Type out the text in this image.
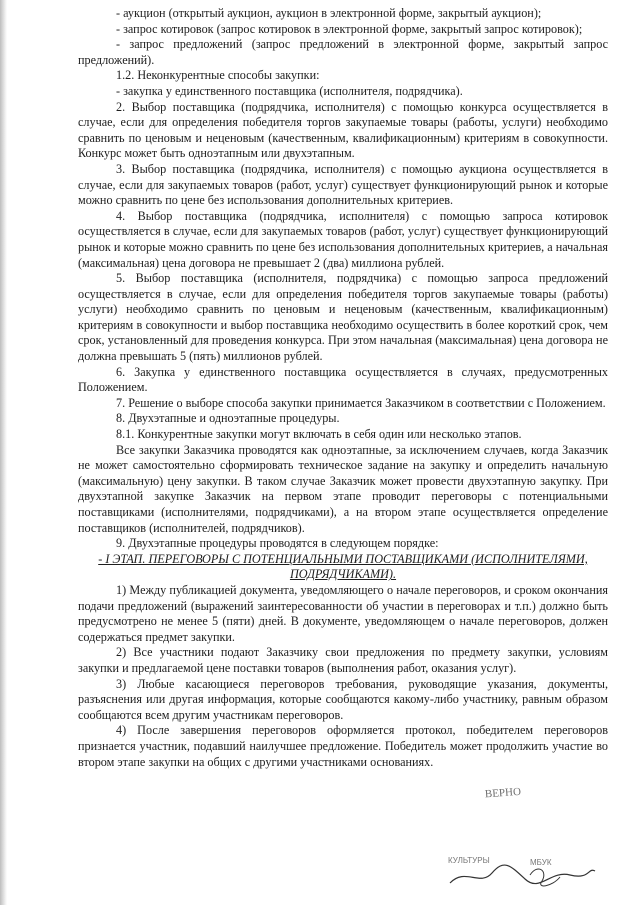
- аукцион (открытый аукцион, аукцион в электронной форме, закрытый аукцион);

- запрос котировок (запрос котировок в электронной форме, закрытый запрос котировок);

- запрос предложений (запрос предложений в электронной форме, закрытый запрос предложений).

1.2. Неконкурентные способы закупки:

- закупка у единственного поставщика (исполнителя, подрядчика).

2. Выбор поставщика (подрядчика, исполнителя) с помощью конкурса осуществляется в случае, если для определения победителя торгов закупаемые товары (работы, услуги) необходимо сравнить по ценовым и неценовым (качественным, квалификационным) критериям в совокупности. Конкурс может быть одноэтапным или двухэтапным.

3. Выбор поставщика (подрядчика, исполнителя) с помощью аукциона осуществляется в случае, если для закупаемых товаров (работ, услуг) существует функционирующий рынок и которые можно сравнить по цене без использования дополнительных критериев.

4. Выбор поставщика (подрядчика, исполнителя) с помощью запроса котировок осуществляется в случае, если для закупаемых товаров (работ, услуг) существует функционирующий рынок и которые можно сравнить по цене без использования дополнительных критериев, а начальная (максимальная) цена договора не превышает 2 (два) миллиона рублей.

5. Выбор поставщика (исполнителя, подрядчика) с помощью запроса предложений осуществляется в случае, если для определения победителя торгов закупаемые товары (работы) услуги) необходимо сравнить по ценовым и неценовым (качественным, квалификационным) критериям в совокупности и выбор поставщика необходимо осуществить в более короткий срок, чем срок, установленный для проведения конкурса. При этом начальная (максимальная) цена договора не должна превышать 5 (пять) миллионов рублей.

6. Закупка у единственного поставщика осуществляется в случаях, предусмотренных Положением.

7. Решение о выборе способа закупки принимается Заказчиком в соответствии с Положением.

8. Двухэтапные и одноэтапные процедуры.

8.1. Конкурентные закупки могут включать в себя один или несколько этапов.

Все закупки Заказчика проводятся как одноэтапные, за исключением случаев, когда Заказчик не может самостоятельно сформировать техническое задание на закупку и определить начальную (максимальную) цену закупки. В таком случае Заказчик может провести двухэтапную закупку. При двухэтапной закупке Заказчик на первом этапе проводит переговоры с потенциальными поставщиками (исполнителями, подрядчиками), а на втором этапе осуществляется определение поставщиков (исполнителей, подрядчиков).

9. Двухэтапные процедуры проводятся в следующем порядке:

- I ЭТАП. ПЕРЕГОВОРЫ С ПОТЕНЦИАЛЬНЫМИ ПОСТАВЩИКАМИ (ИСПОЛНИТЕЛЯМИ, ПОДРЯДЧИКАМИ).

1) Между публикацией документа, уведомляющего о начале переговоров, и сроком окончания подачи предложений (выражений заинтересованности об участии в переговорах и т.п.) должно быть предусмотрено не менее 5 (пяти) дней. В документе, уведомляющем о начале переговоров, должен содержаться предмет закупки.

2) Все участники подают Заказчику свои предложения по предмету закупки, условиям закупки и предлагаемой цене поставки товаров (выполнения работ, оказания услуг).

3) Любые касающиеся переговоров требования, руководящие указания, документы, разъяснения или другая информация, которые сообщаются какому-либо участнику, равным образом сообщаются всем другим участникам переговоров.

4) После завершения переговоров оформляется протокол, победителем переговоров признается участник, подавший наилучшее предложение. Победитель может продолжить участие во втором этапе закупки на общих с другими участниками основаниях.

ВЕРНО
КУЛЬТУРЫ	МБУК
